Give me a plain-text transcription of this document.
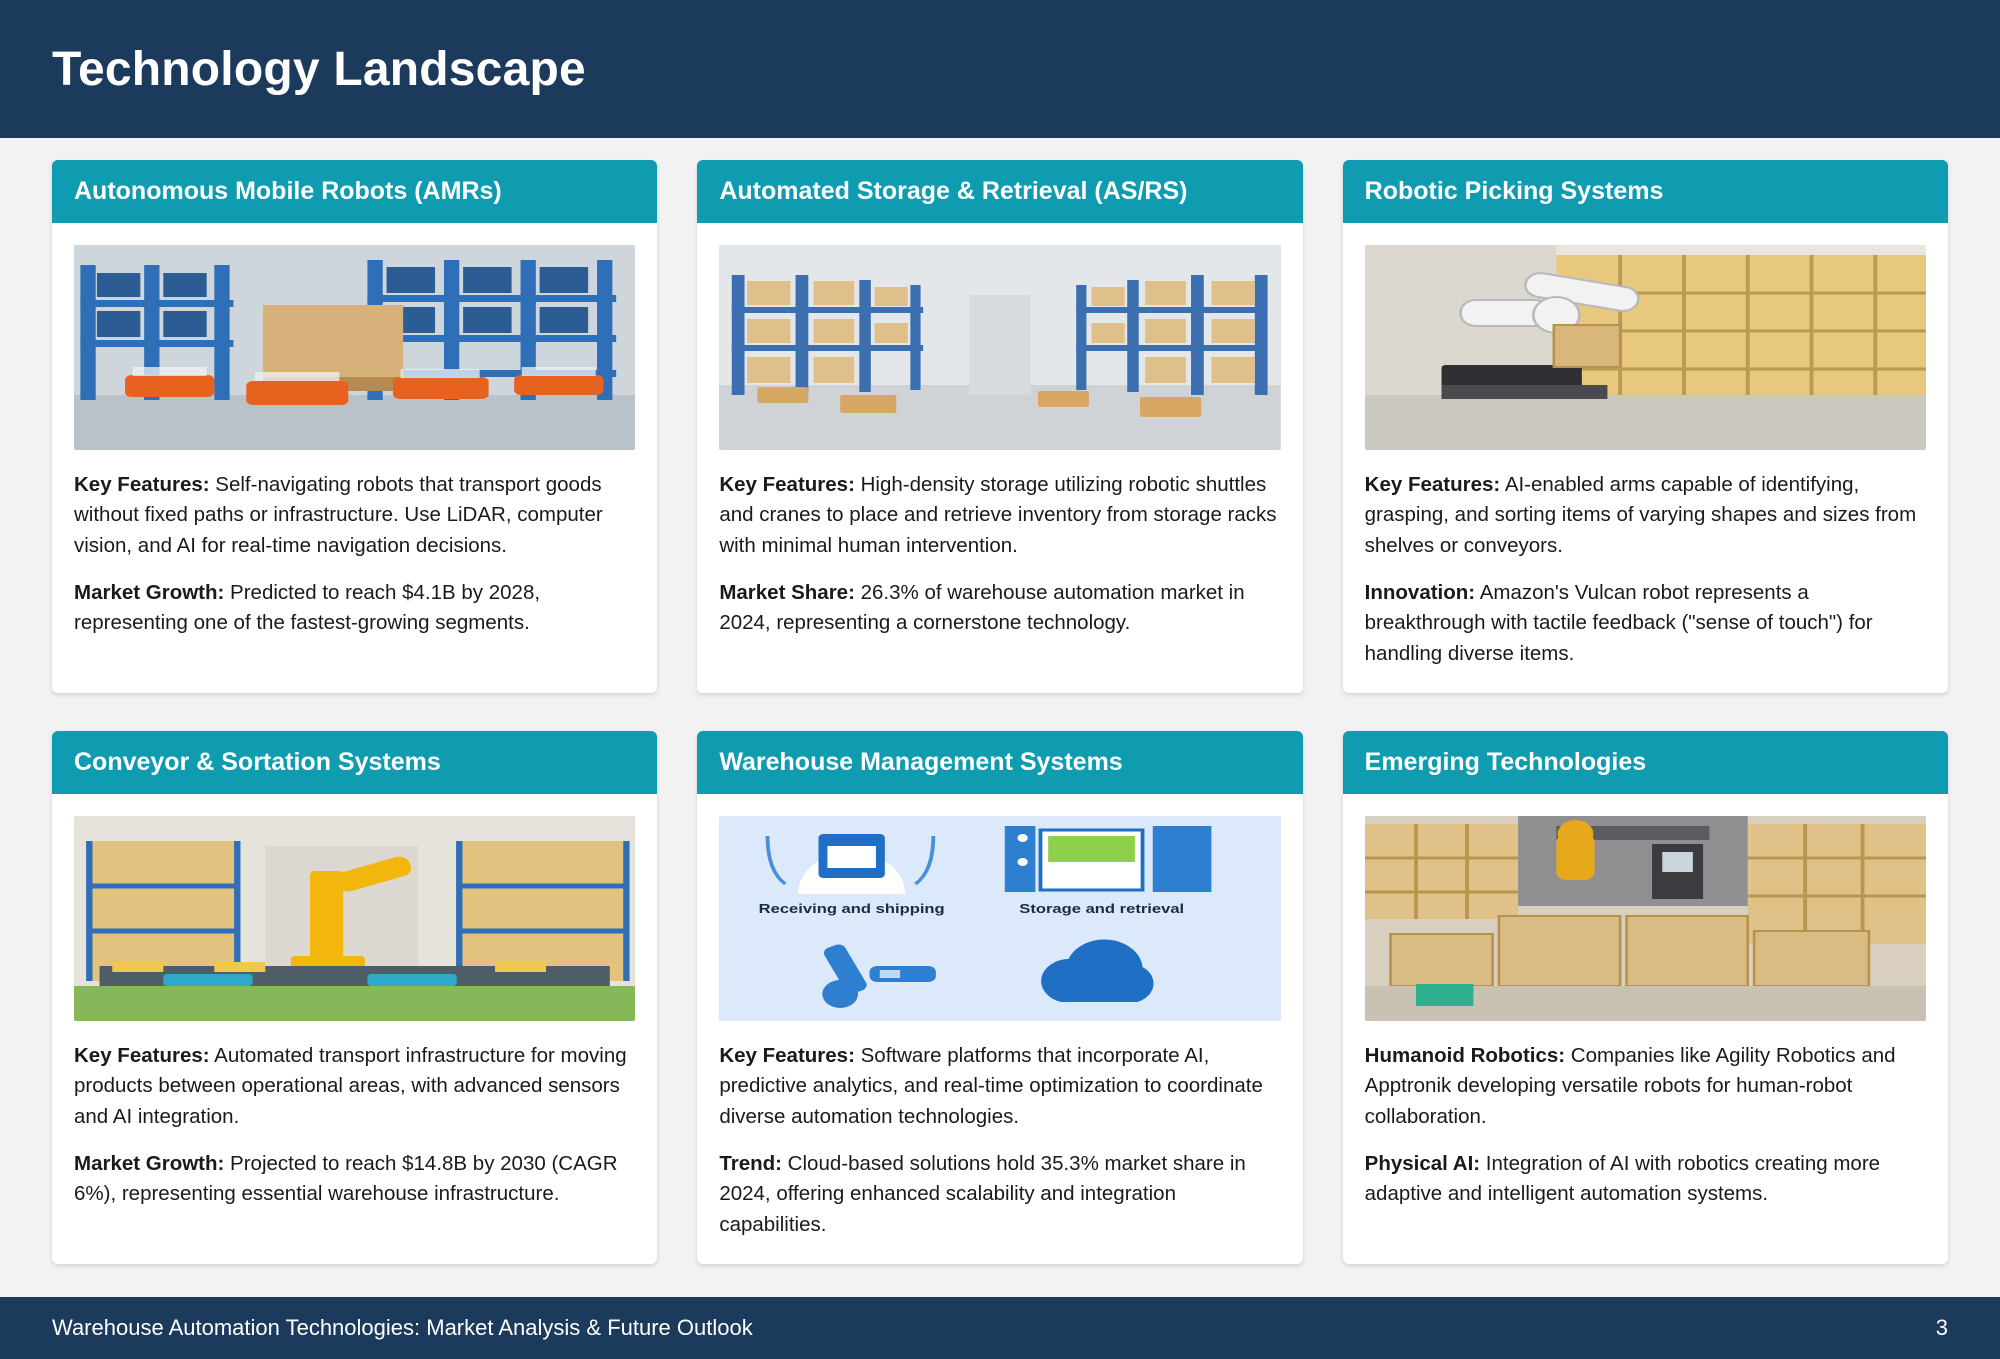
Technology Landscape
Autonomous Mobile Robots (AMRs)

Key Features: Self-navigating robots that transport goods without fixed paths or infrastructure. Use LiDAR, computer vision, and AI for real-time navigation decisions.

Market Growth: Predicted to reach $4.1B by 2028, representing one of the fastest-growing segments.

Automated Storage & Retrieval (AS/RS)

Key Features: High-density storage utilizing robotic shuttles and cranes to place and retrieve inventory from storage racks with minimal human intervention.

Market Share: 26.3% of warehouse automation market in 2024, representing a cornerstone technology.

Robotic Picking Systems

Key Features: AI-enabled arms capable of identifying, grasping, and sorting items of varying shapes and sizes from shelves or conveyors.

Innovation: Amazon's Vulcan robot represents a breakthrough with tactile feedback ("sense of touch") for handling diverse items.

Conveyor & Sortation Systems

Key Features: Automated transport infrastructure for moving products between operational areas, with advanced sensors and AI integration.

Market Growth: Projected to reach $14.8B by 2030 (CAGR 6%), representing essential warehouse infrastructure.

Warehouse Management Systems
Receiving and shipping	Storage and retrieval

Key Features: Software platforms that incorporate AI, predictive analytics, and real-time optimization to coordinate diverse automation technologies.

Trend: Cloud-based solutions hold 35.3% market share in 2024, offering enhanced scalability and integration capabilities.

Emerging Technologies

Humanoid Robotics: Companies like Agility Robotics and Apptronik developing versatile robots for human-robot collaboration.

Physical AI: Integration of AI with robotics creating more adaptive and intelligent automation systems.

Warehouse Automation Technologies: Market Analysis & Future Outlook	3
